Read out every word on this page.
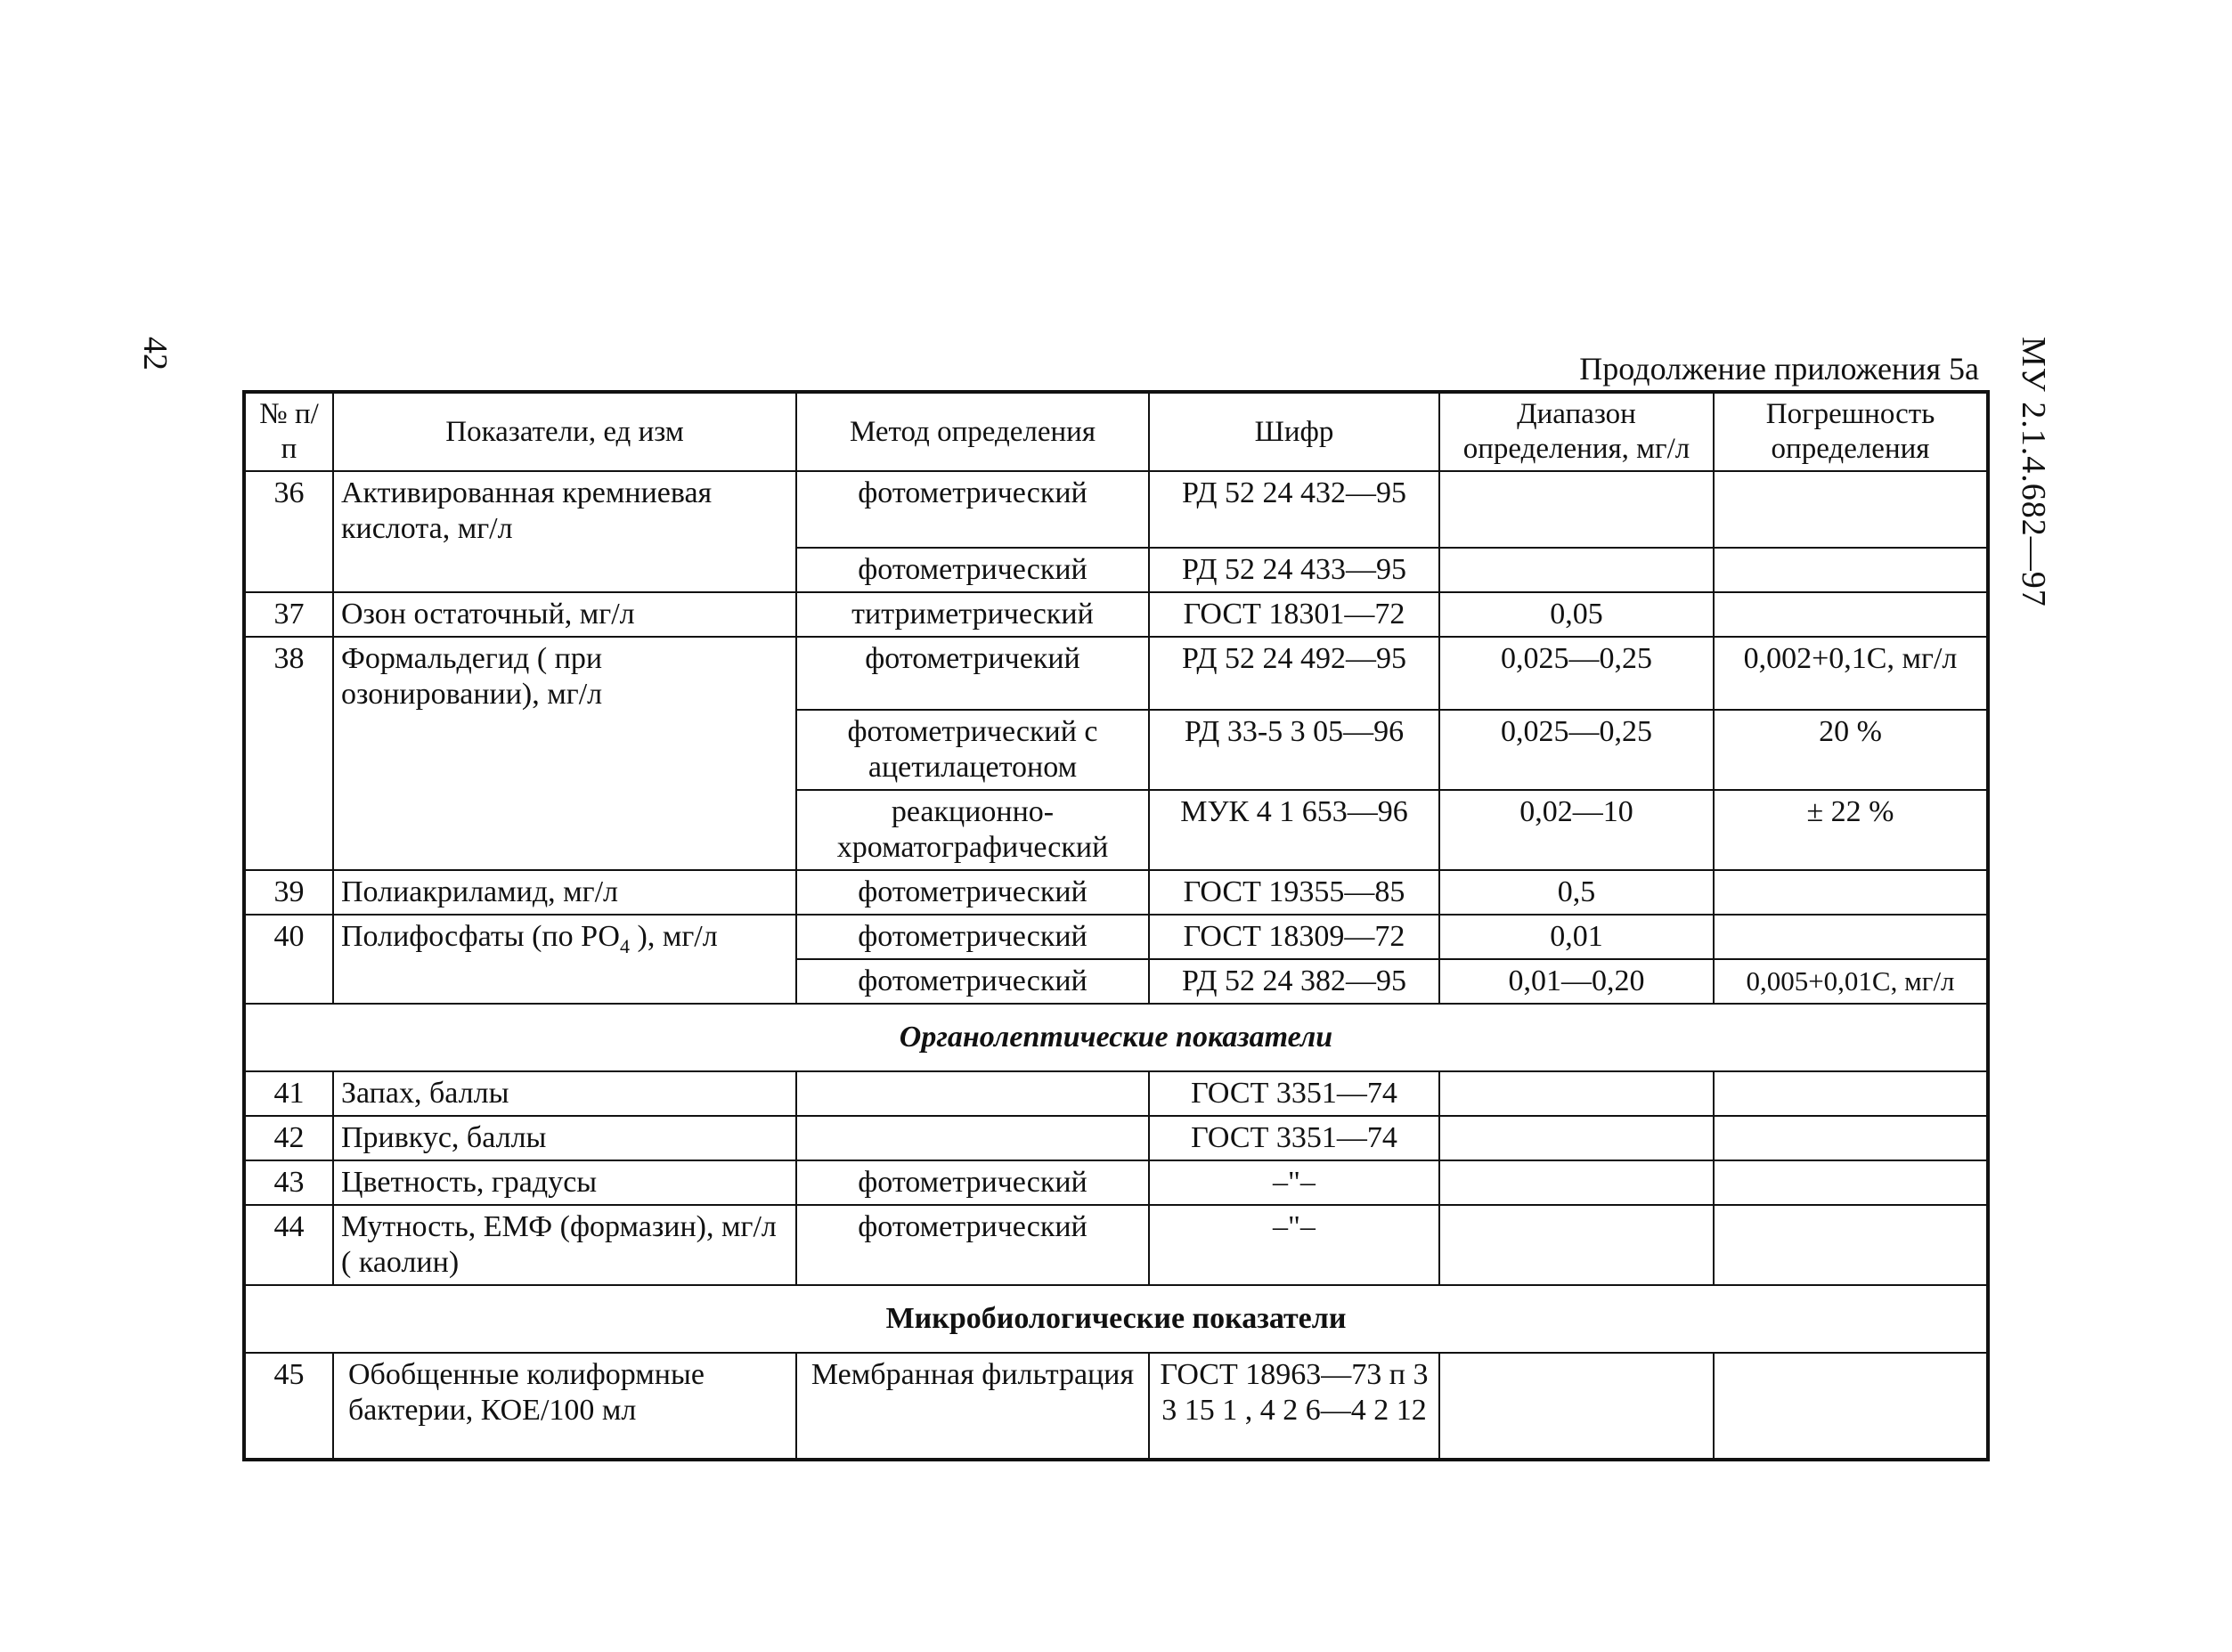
42	МУ 2.1.4.682—97
Продолжение приложения 5а
№ п/п	Показатели, ед изм	Метод определения	Шифр	Диапазон определения, мг/л	Погрешность определения
36	Активированная кремниевая кислота, мг/л	фотометрический	РД 52 24 432—95		
		фотометрический	РД 52 24 433—95		
37	Озон остаточный, мг/л	титриметрический	ГОСТ 18301—72	0,05	
38	Формальдегид ( при озонировании), мг/л	фотометричекий	РД 52 24 492—95	0,025—0,25	0,002+0,1С, мг/л
		фотометрический с ацетилацетоном	РД 33-5 3 05—96	0,025—0,25	20 %
		реакционно-хроматографический	МУК 4 1 653—96	0,02—10	± 22 %
39	Полиакриламид, мг/л	фотометрический	ГОСТ 19355—85	0,5	
40	Полифосфаты (по $РО_4$ ), мг/л	фотометрический	ГОСТ 18309—72	0,01	
		фотометрический	РД 52 24 382—95	0,01—0,20	0,005+0,01С, мг/л
Органолептические показатели					
41	Запах, баллы		ГОСТ 3351—74		
42	Привкус, баллы		ГОСТ 3351—74		
43	Цветность, градусы	фотометрический	–"–		
44	Мутность, ЕМФ (формазин), мг/л ( каолин)	фотометрический	–"–		
Микробиологические показатели					
45	Обобщенные колиформные бактерии, КОЕ/100 мл	Мембранная фильтрация	ГОСТ 18963—73 п 3 3 15 1 , 4 2 6—4 2 12		
